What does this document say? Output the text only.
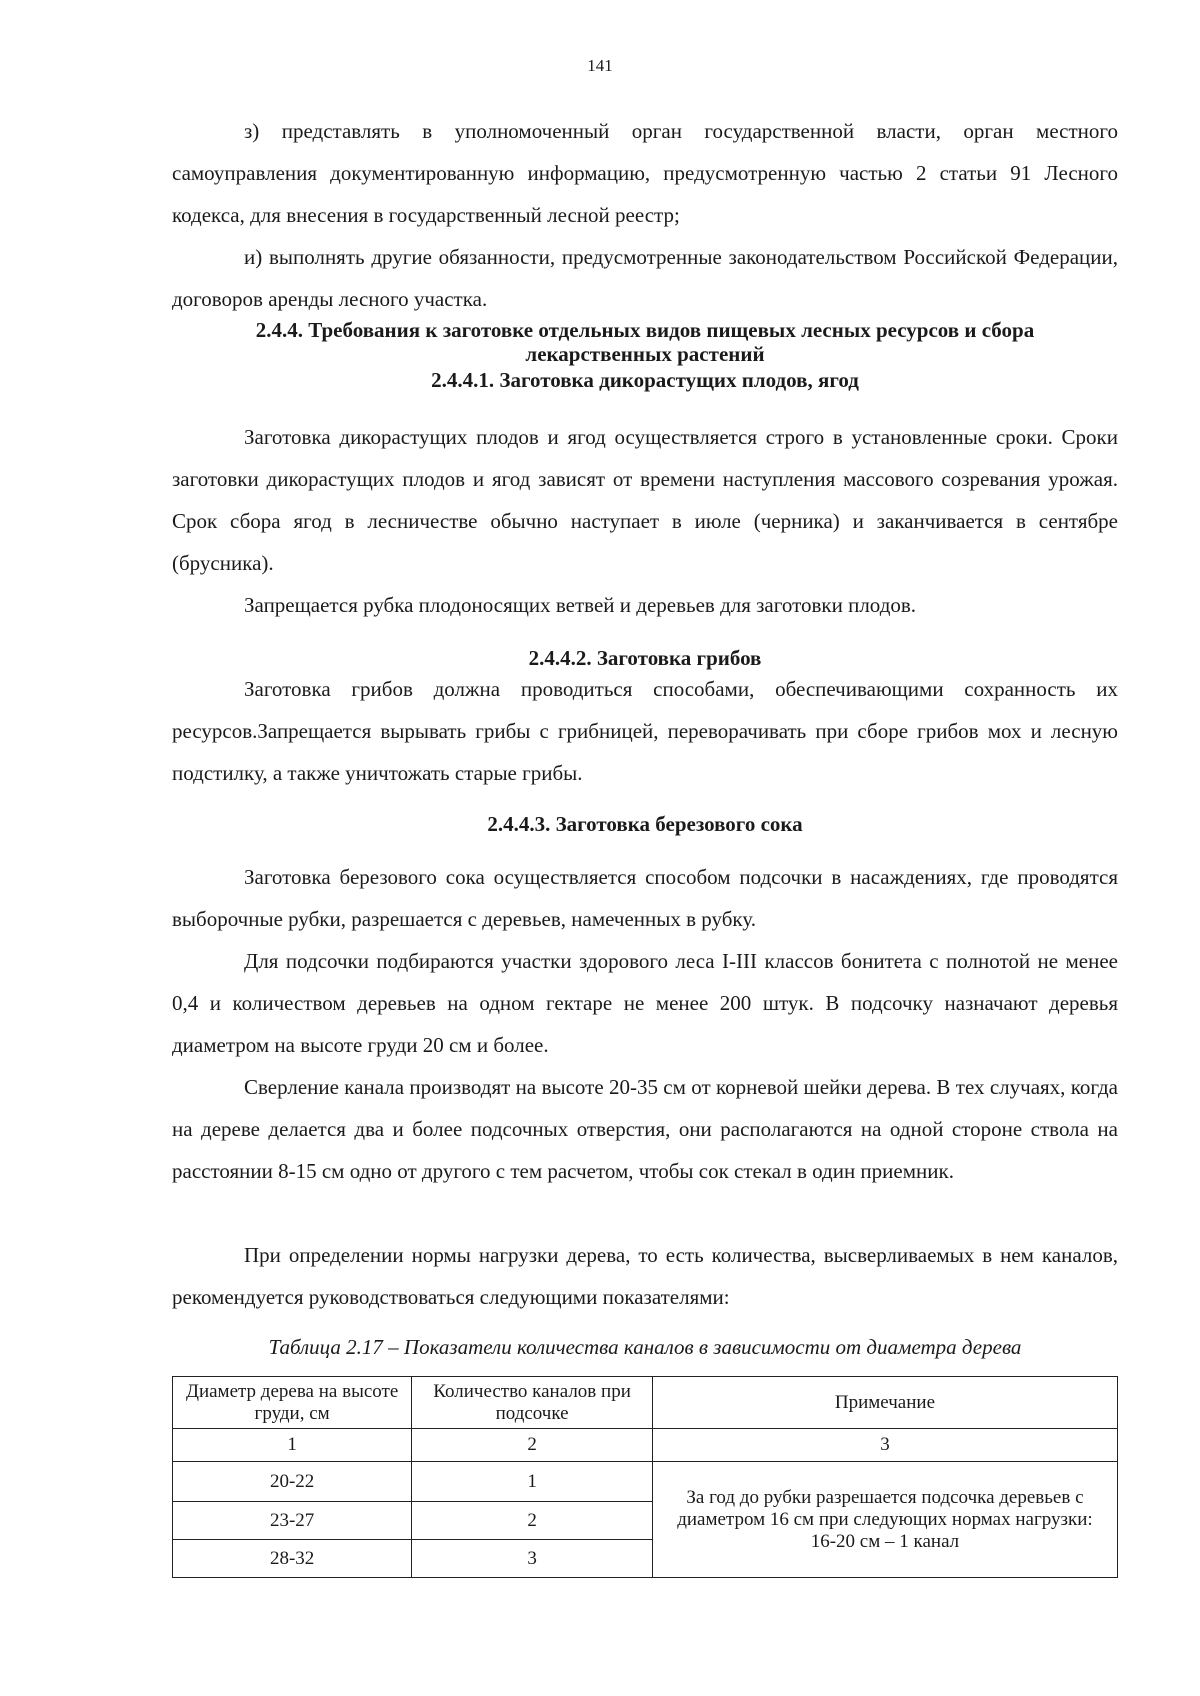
141

з) представлять в уполномоченный орган государственной власти, орган местного самоуправления документированную информацию, предусмотренную частью 2 статьи 91 Лесного кодекса, для внесения в государственный лесной реестр;

и) выполнять другие обязанности, предусмотренные законодательством Российской Федерации, договоров аренды лесного участка.

2.4.4. Требования к заготовке отдельных видов пищевых лесных ресурсов и сбора
лекарственных растений
2.4.4.1. Заготовка дикорастущих плодов, ягод

Заготовка дикорастущих плодов и ягод осуществляется строго в установленные сроки. Сроки заготовки дикорастущих плодов и ягод зависят от времени наступления массового созревания урожая. Срок сбора ягод в лесничестве обычно наступает в июле (черника) и заканчивается в сентябре (брусника).

Запрещается рубка плодоносящих ветвей и деревьев для заготовки плодов.

2.4.4.2. Заготовка грибов

Заготовка грибов должна проводиться способами, обеспечивающими сохранность их ресурсов.Запрещается вырывать грибы с грибницей, переворачивать при сборе грибов мох и лесную подстилку, а также уничтожать старые грибы.

2.4.4.3. Заготовка березового сока

Заготовка березового сока осуществляется способом подсочки в насаждениях, где проводятся выборочные рубки, разрешается с деревьев, намеченных в рубку.

Для подсочки подбираются участки здорового леса I-III классов бонитета с полнотой не менее 0,4 и количеством деревьев на одном гектаре не менее 200 штук. В подсочку назначают деревья диаметром на высоте груди 20 см и более.

Сверление канала производят на высоте 20-35 см от корневой шейки дерева. В тех случаях, когда на дереве делается два и более подсочных отверстия, они располагаются на одной стороне ствола на расстоянии 8-15 см одно от другого с тем расчетом, чтобы сок стекал в один приемник.

При определении нормы нагрузки дерева, то есть количества, высверливаемых в нем каналов, рекомендуется руководствоваться следующими показателями:

Таблица 2.17 – Показатели количества каналов в зависимости от диаметра дерева
Диаметр дерева на высоте груди, см	Количество каналов при подсочке	Примечание
1	2	3
20-22	1	За год до рубки разрешается подсочка деревьев с диаметром 16 см при следующих нормах нагрузки:
16-20 см – 1 канал

23-27	2	
28-32	3	
